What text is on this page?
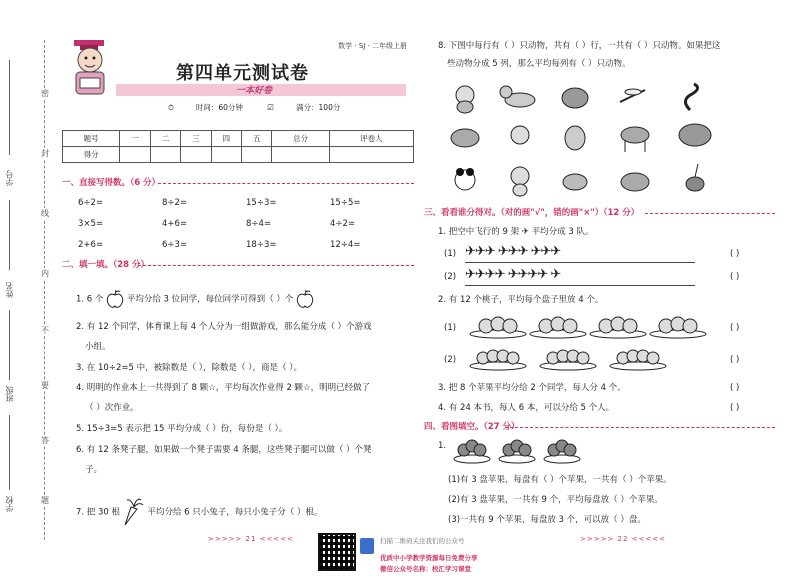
密
封
线
内
不
要
答
题
学号
姓名
班级
学校
数学 · SJ · 二年级上册
第四单元测试卷
一本好卷
⏱	时间：60分钟	☑	满分：100分
题号	一	二	三	四	五	总分	评卷人
得分							
一、直接写得数。（6 分）
6÷2=	8÷2=	15÷3=	15÷5=
3×5=	4+6=	8÷4=	4÷2=
2+6=	6÷3=	18÷3=	12÷4=
二、填一填。（28 分）
1. 6 个	平均分给 3 位同学，每位同学可得到（ ）个
2. 有 12 个同学，体育课上每 4 个人分为一组做游戏，那么能分成（ ）个游戏
小组。
3. 在 10÷2=5 中，被除数是（ ），除数是（ ），商是（ ）。
4. 明明的作业本上一共得到了 8 颗☆，平均每次作业得 2 颗☆，明明已经做了
（ ）次作业。
5. 15÷3=5 表示把 15 平均分成（ ）份，每份是（ ）。
6. 有 12 条凳子腿，如果做一个凳子需要 4 条腿，这些凳子腿可以做（ ）个凳
子。
7. 把 30 根	平均分给 6 只小兔子，每只小兔子分（ ）根。
>>>>> 21 <<<<<	扫描二维码关注我们的公众号
优质中小学教学资源每日免费分享
微信公众号名称：校汇学习课堂
8. 下图中每行有（ ）只动物，共有（ ）行，一共有（ ）只动物。如果把这
些动物分成 5 列，那么平均每列有（ ）只动物。
三、看看谁分得对。（对的画"√"，错的画"×"）（12 分）
1. 把空中飞行的 9 架 ✈ 平均分成 3 队。
(1) ✈✈✈ ✈✈✈ ✈✈✈	( )
(2) ✈✈✈✈ ✈✈✈✈ ✈	( )
2. 有 12 个桃子，平均每个盘子里放 4 个。
(1)	( )
(2)	( )
3. 把 8 个苹果平均分给 2 个同学，每人分 4 个。	( )
4. 有 24 本书，每人 6 本，可以分给 5 个人。	( )
四、看图填空。（27 分）
1.
(1)有 3 盘苹果，每盘有（ ）个苹果，一共有（ ）个苹果。
(2)有 3 盘苹果，一共有 9 个，平均每盘放（ ）个苹果。
(3)一共有 9 个苹果，每盘放 3 个，可以放（ ）盘。
>>>>> 22 <<<<<
